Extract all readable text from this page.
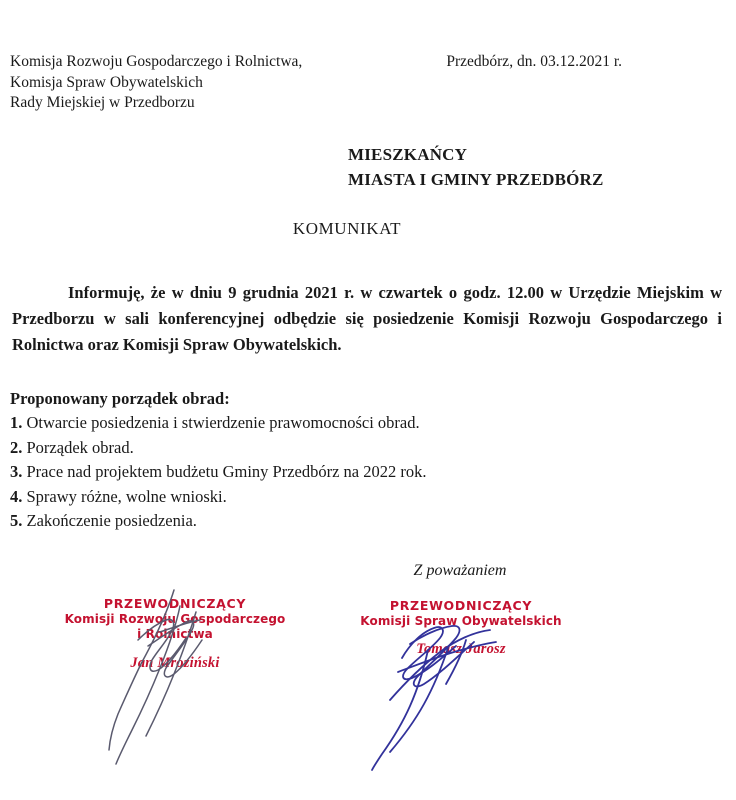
Komisja Rozwoju Gospodarczego i Rolnictwa,
Komisja Spraw Obywatelskich
Rady Miejskiej w Przedborzu
Przedbórz, dn. 03.12.2021 r.
MIESZKAŃCY
MIASTA I GMINY PRZEDBÓRZ
KOMUNIKAT
Informuję, że w dniu 9 grudnia 2021 r. w czwartek o godz. 12.00 w Urzędzie Miejskim w Przedborzu w sali konferencyjnej odbędzie się posiedzenie Komisji Rozwoju Gospodarczego i Rolnictwa oraz Komisji Spraw Obywatelskich.
Proponowany porządek obrad:
1. Otwarcie posiedzenia i stwierdzenie prawomocności obrad.
2. Porządek obrad.
3. Prace nad projektem budżetu Gminy Przedbórz na 2022 rok.
4. Sprawy różne, wolne wnioski.
5. Zakończenie posiedzenia.
Z poważaniem
PRZEWODNICZĄCY
Komisji Rozwoju Gospodarczego
i Rolnictwa
Jan Mroziński
PRZEWODNICZĄCY
Komisji Spraw Obywatelskich
Tomasz Jarosz
